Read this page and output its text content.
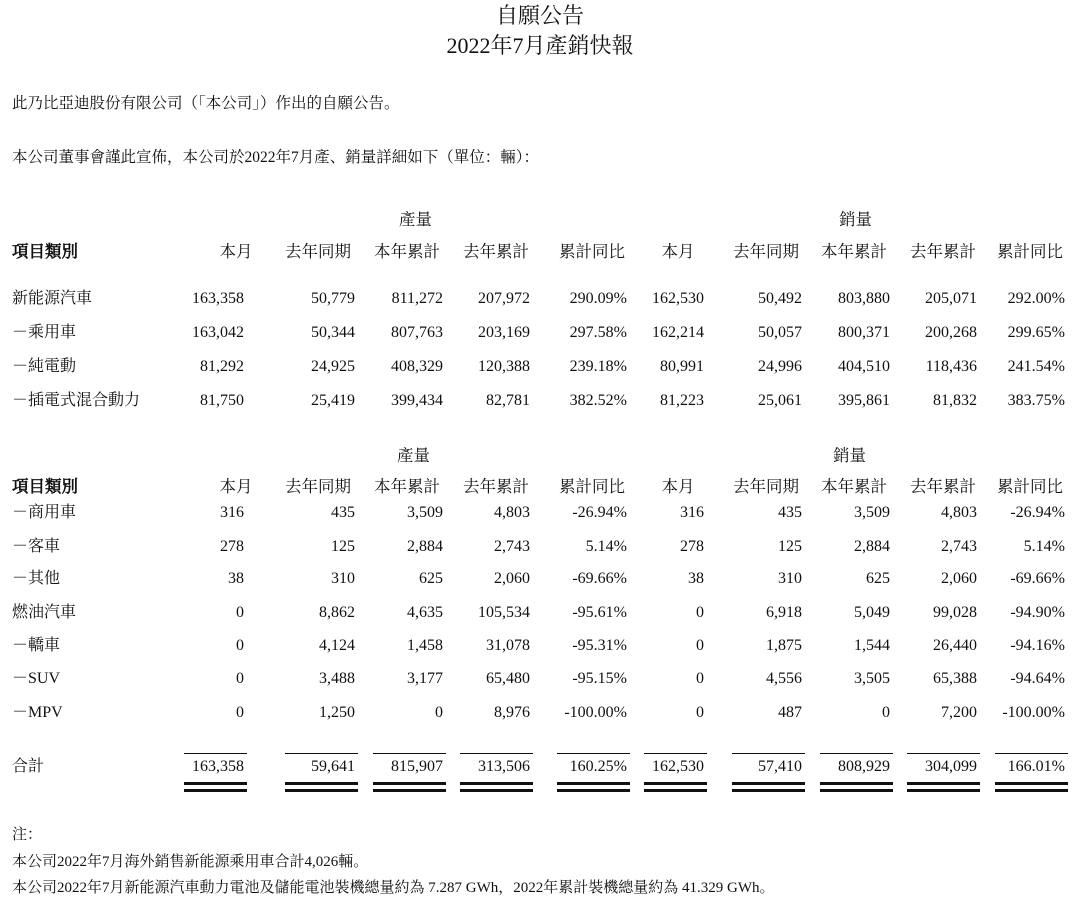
自願公告
2022年7月產銷快報
此乃比亞迪股份有限公司（「本公司」）作出的自願公告。
本公司董事會謹此宣佈，本公司於2022年7月產、銷量詳細如下（單位：輛）：
產量	銷量
項目類別	本月	去年同期	本年累計	去年累計	累計同比	本月	去年同期	本年累計	去年累計	累計同比
新能源汽車	163,358	50,779	811,272	207,972	290.09%	162,530	50,492	803,880	205,071	292.00%
－乘用車	163,042	50,344	807,763	203,169	297.58%	162,214	50,057	800,371	200,268	299.65%
－純電動	81,292	24,925	408,329	120,388	239.18%	80,991	24,996	404,510	118,436	241.54%
－插電式混合動力	81,750	25,419	399,434	82,781	382.52%	81,223	25,061	395,861	81,832	383.75%
產量	銷量
項目類別	本月	去年同期	本年累計	去年累計	累計同比	本月	去年同期	本年累計	去年累計	累計同比
－商用車	316	435	3,509	4,803	-26.94%	316	435	3,509	4,803	-26.94%
－客車	278	125	2,884	2,743	5.14%	278	125	2,884	2,743	5.14%
－其他	38	310	625	2,060	-69.66%	38	310	625	2,060	-69.66%
燃油汽車	0	8,862	4,635	105,534	-95.61%	0	6,918	5,049	99,028	-94.90%
－轎車	0	4,124	1,458	31,078	-95.31%	0	1,875	1,544	26,440	-94.16%
－SUV	0	3,488	3,177	65,480	-95.15%	0	4,556	3,505	65,388	-94.64%
－MPV	0	1,250	0	8,976	-100.00%	0	487	0	7,200	-100.00%
合計	163,358	59,641	815,907	313,506	160.25%	162,530	57,410	808,929	304,099	166.01%
注：
本公司2022年7月海外銷售新能源乘用車合計4,026輛。
本公司2022年7月新能源汽車動力電池及儲能電池裝機總量約為 7.287 GWh，2022年累計裝機總量約為 41.329 GWh。
